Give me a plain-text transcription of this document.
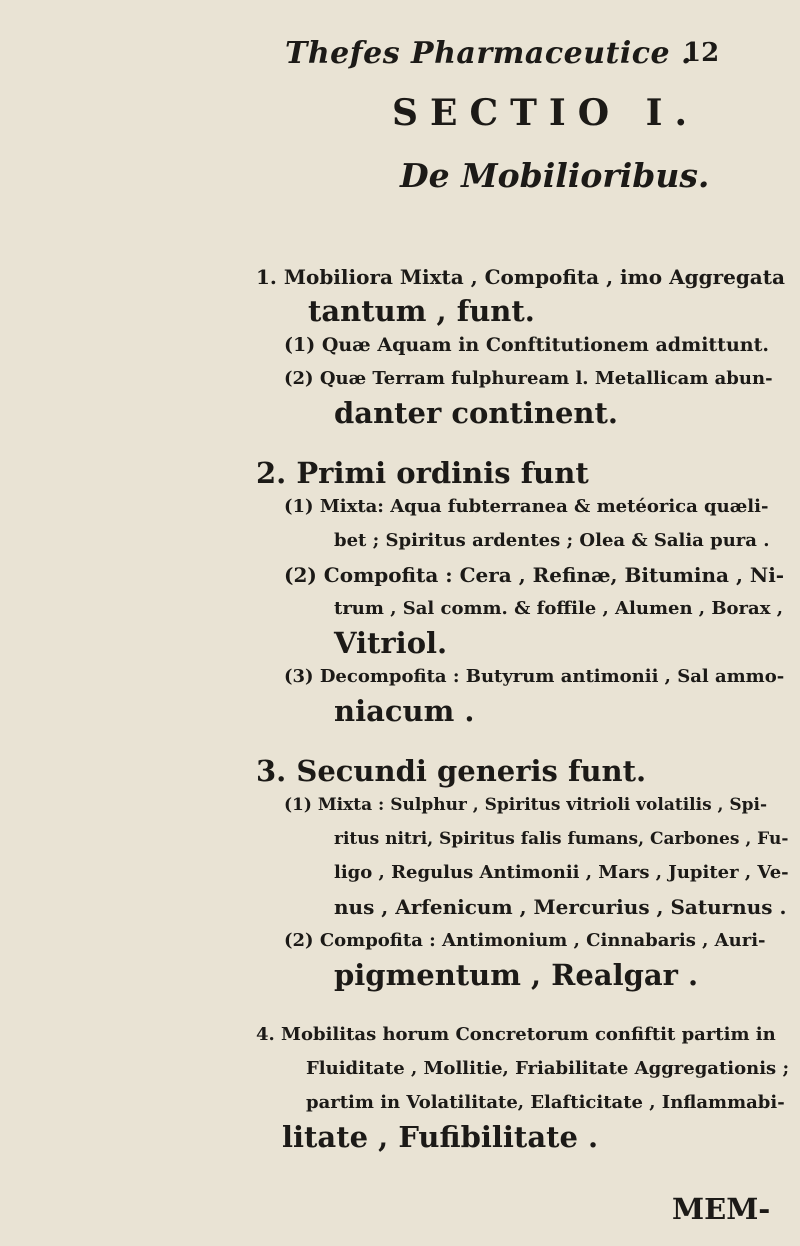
Thefes Pharmaceutice .
12
SECTIO I.
De Mobilioribus.
1. Mobiliora Mixta , Compofita , imo Aggregata
tantum , funt.
(1) Quæ Aquam in Conftitutionem admittunt.
(2) Quæ Terram fulphuream l. Metallicam abun-
danter continent.
2. Primi ordinis funt
(1) Mixta: Aqua fubterranea & metéorica quæli-
bet ; Spiritus ardentes ; Olea & Salia pura .
(2) Compofita : Cera , Refinæ, Bitumina , Ni-
trum , Sal comm. & foffile , Alumen , Borax ,
Vitriol.
(3) Decompofita : Butyrum antimonii , Sal ammo-
niacum .
3. Secundi generis funt.
(1) Mixta : Sulphur , Spiritus vitrioli volatilis , Spi-
ritus nitri, Spiritus falis fumans, Carbones , Fu-
ligo , Regulus Antimonii , Mars , Jupiter , Ve-
nus , Arfenicum , Mercurius , Saturnus .
(2) Compofita : Antimonium , Cinnabaris , Auri-
pigmentum , Realgar .
4. Mobilitas horum Concretorum confiftit partim in
Fluiditate , Mollitie, Friabilitate Aggregationis ;
partim in Volatilitate, Elafticitate , Inflammabi-
litate , Fufibilitate .
MEM-
